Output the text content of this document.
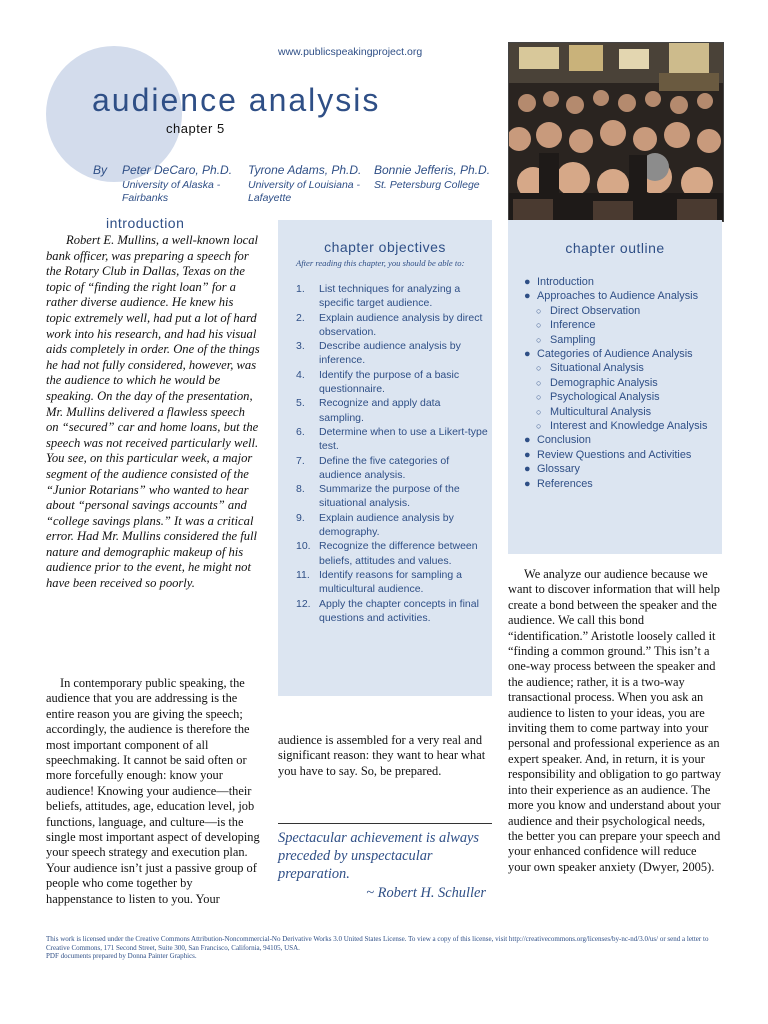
www.publicspeakingproject.org
audience analysis
chapter 5
By Peter DeCaro, Ph.D.
University of Alaska - Fairbanks
Tyrone Adams, Ph.D.
University of Louisiana - Lafayette
Bonnie Jefferis, Ph.D.
St. Petersburg College
introduction

Robert E. Mullins, a well-known local bank officer, was preparing a speech for the Rotary Club in Dallas, Texas on the topic of “finding the right loan” for a rather diverse audience. He knew his topic extremely well, had put a lot of hard work into his research, and had his visual aids completely in order. One of the things he had not fully considered, however, was the audience to which he would be speaking. On the day of the presentation, Mr. Mullins delivered a flawless speech on “secured” car and home loans, but the speech was not received particularly well. You see, on this particular week, a major segment of the audience consisted of the “Junior Rotarians” who wanted to hear about “personal savings accounts” and “college savings plans.” It was a critical error. Had Mr. Mullins considered the full nature and demographic makeup of his audience prior to the event, he might not have been received so poorly.

In contemporary public speaking, the audience that you are addressing is the entire reason you are giving the speech; accordingly, the audience is therefore the most important component of all speechmaking. It cannot be said often or more forcefully enough: know your audience! Knowing your audience—their beliefs, attitudes, age, education level, job functions, language, and culture—is the single most important aspect of developing your speech strategy and execution plan. Your audience isn’t just a passive group of people who come together by happenstance to listen to you. Your

chapter objectives
After reading this chapter, you should be able to:
1. List techniques for analyzing a specific target audience.
2. Explain audience analysis by direct observation.
3. Describe audience analysis by inference.
4. Identify the purpose of a basic questionnaire.
5. Recognize and apply data sampling.
6. Determine when to use a Likert-type test.
7. Define the five categories of audience analysis.
8. Summarize the purpose of the situational analysis.
9. Explain audience analysis by demography.
10. Recognize the difference between beliefs, attitudes and values.
11. Identify reasons for sampling a multicultural audience.
12. Apply the chapter concepts in final questions and activities.

audience is assembled for a very real and significant reason: they want to hear what you have to say. So, be prepared.

Spectacular achievement is always preceded by unspectacular preparation.

~ Robert H. Schuller

chapter outline
● Introduction
● Approaches to Audience Analysis
○ Direct Observation
○ Inference
○ Sampling
● Categories of Audience Analysis
○ Situational Analysis
○ Demographic Analysis
○ Psychological Analysis
○ Multicultural Analysis
○ Interest and Knowledge Analysis
● Conclusion
● Review Questions and Activities
● Glossary
● References

We analyze our audience because we want to discover information that will help create a bond between the speaker and the audience. We call this bond “identification.” Aristotle loosely called it “finding a common ground.” This isn’t a one-way process between the speaker and the audience; rather, it is a two-way transactional process. When you ask an audience to listen to your ideas, you are inviting them to come partway into your personal and professional experience as an expert speaker. And, in return, it is your responsibility and obligation to go partway into their experience as an audience. The more you know and understand about your audience and their psychological needs, the better you can prepare your speech and your enhanced confidence will reduce your own speaker anxiety (Dwyer, 2005).

This work is licensed under the Creative Commons Attribution-Noncommercial-No Derivative Works 3.0 United States License. To view a copy of this license, visit http://creativecommons.org/licenses/by-nc-nd/3.0/us/ or send a letter to Creative Commons, 171 Second Street, Suite 300, San Francisco, California, 94105, USA.

PDF documents prepared by Donna Painter Graphics.
